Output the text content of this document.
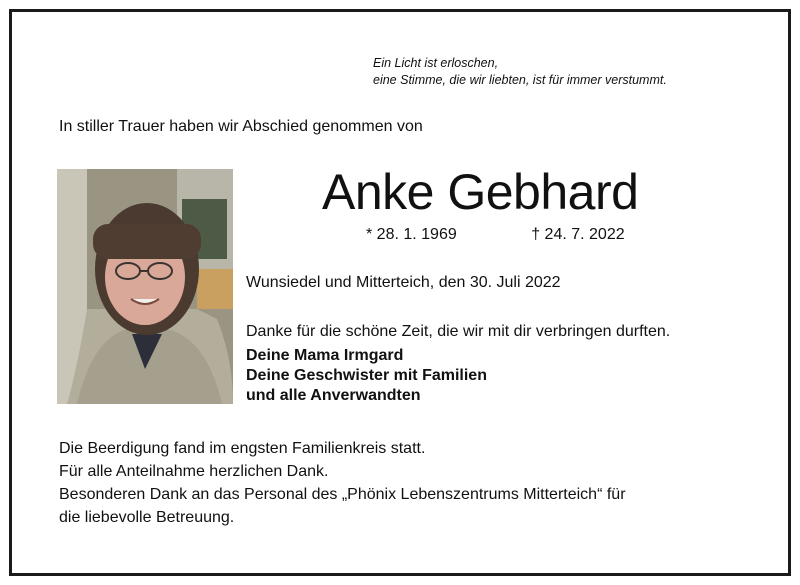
Ein Licht ist erloschen,
eine Stimme, die wir liebten, ist für immer verstummt.
In stiller Trauer haben wir Abschied genommen von
Anke Gebhard
* 28. 1. 1969	† 24. 7. 2022
Wunsiedel und Mitterteich, den 30. Juli 2022
Danke für die schöne Zeit, die wir mit dir verbringen durften.
Deine Mama Irmgard
Deine Geschwister mit Familien
und alle Anverwandten
Die Beerdigung fand im engsten Familienkreis statt.
Für alle Anteilnahme herzlichen Dank.
Besonderen Dank an das Personal des „Phönix Lebenszentrums Mitterteich“ für
die liebevolle Betreuung.
